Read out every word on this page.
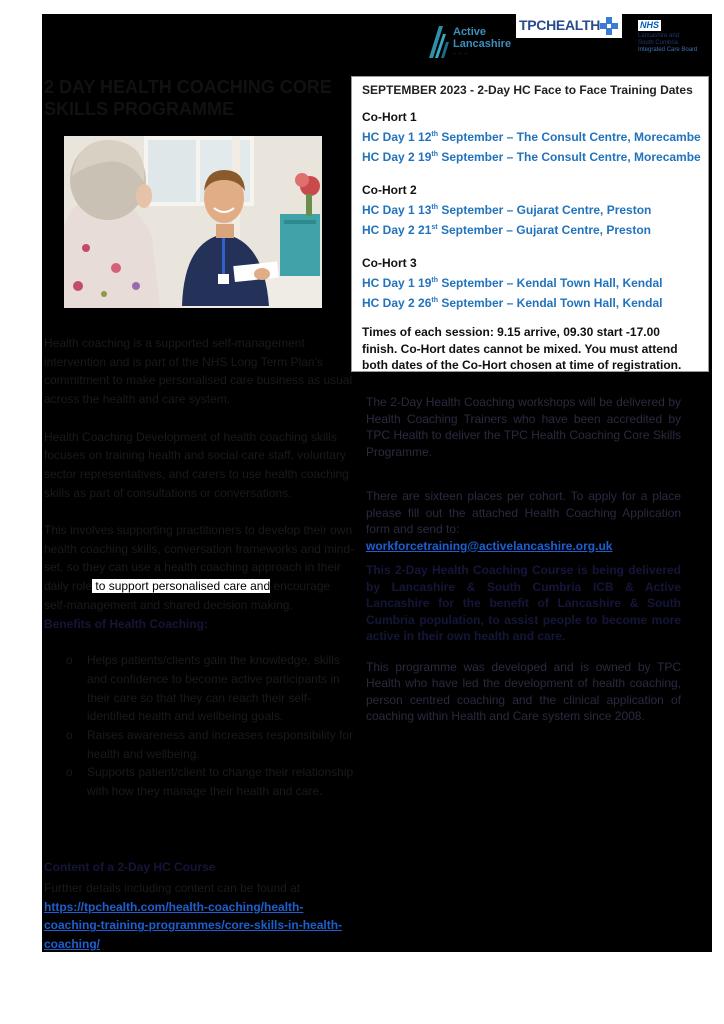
Active Lancashire
— — —
TPCHEALTH	NHS
Lancashire and
South Cumbria
Integrated Care Board
2 DAY HEALTH COACHING CORE SKILLS PROGRAMME

Health coaching is a supported self-management intervention and is part of the NHS Long Term Plan's commitment to make personalised care business as usual across the health and care system.

Health Coaching Development of health coaching skills focuses on training health and social care staff, voluntary sector representatives, and carers to use health coaching skills as part of consultations or conversations.

This involves supporting practitioners to develop their own health coaching skills, conversation frameworks and mind-set, so they can use a health coaching approach in their daily role to support personalised care and encourage self-management and shared decision making.

Benefits of Health Coaching:
o Helps patients/clients gain the knowledge, skills and confidence to become active participants in their care so that they can reach their self-identified health and wellbeing goals.
o Raises awareness and increases responsibility for health and wellbeing.
o Supports patient/client to change their relationship with how they manage their health and care.
Content of a 2-Day HC Course
Further details including content can be found at https://tpchealth.com/health-coaching/health-coaching-training-programmes/core-skills-in-health-coaching/
SEPTEMBER 2023 - 2-Day HC Face to Face Training Dates
Co-Hort 1
HC Day 1 12th September – The Consult Centre, Morecambe
HC Day 2 19th September – The Consult Centre, Morecambe
Co-Hort 2
HC Day 1 13th September – Gujarat Centre, Preston
HC Day 2 21st September – Gujarat Centre, Preston
Co-Hort 3
HC Day 1 19th September – Kendal Town Hall, Kendal
HC Day 2 26th September – Kendal Town Hall, Kendal
Times of each session: 9.15 arrive, 09.30 start -17.00 finish. Co-Hort dates cannot be mixed. You must attend both dates of the Co-Hort chosen at time of registration.

The 2-Day Health Coaching workshops will be delivered by Health Coaching Trainers who have been accredited by TPC Health to deliver the TPC Health Coaching Core Skills Programme.

There are sixteen places per cohort. To apply for a place please fill out the attached Health Coaching Application form and send to:

workforcetraining@activelancashire.org.uk

This 2-Day Health Coaching Course is being delivered by Lancashire & South Cumbria ICB & Active Lancashire for the benefit of Lancashire & South Cumbria population, to assist people to become more active in their own health and care.

This programme was developed and is owned by TPC Health who have led the development of health coaching, person centred coaching and the clinical application of coaching within Health and Care system since 2008.
